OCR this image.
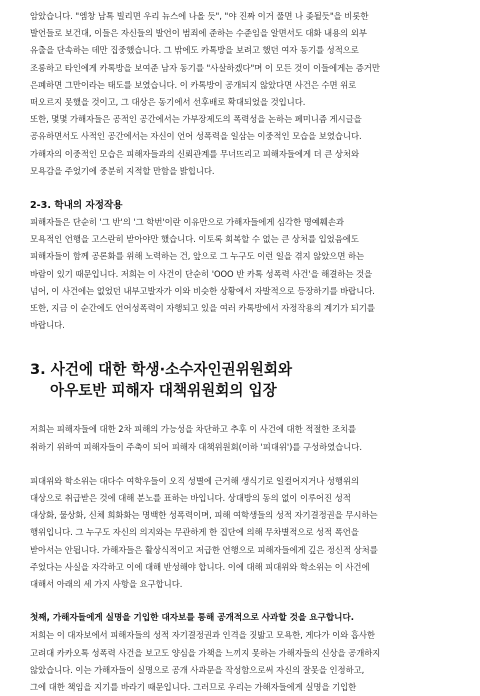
암았습니다. "엠창 남톡 빌리면 우리 뉴스에 나올 듯", "야 진짜 이거 풀면 나 좆될듯"을 비롯한

발언들로 보건대, 이들은 자신들의 발언이 범죄에 준하는 수준임을 알면서도 대화 내용의 외부

유출을 단속하는 데만 집중했습니다. 그 밖에도 카톡방을 보려고 했던 여자 동기를 성적으로

조롱하고 타인에게 카톡방을 보여준 남자 동기를 "사살하겠다"며 이 모든 것이 이들에게는 증거만

은폐하면 그만이라는 태도를 보였습니다. 이 카톡방이 공개되지 않았다면 사건은 수면 위로

떠오르지 못했을 것이고, 그 대상은 동기에서 선후배로 확대되었을 것입니다.

또한, 몇몇 가해자들은 공적인 공간에서는 가부장제도의 폭력성을 논하는 페미니즘 게시글을

공유하면서도 사적인 공간에서는 자신이 언어 성폭력을 일삼는 이중적인 모습을 보였습니다.

가해자의 이중적인 모습은 피해자들과의 신뢰관계를 무너뜨리고 피해자들에게 더 큰 상처와

모욕감을 주었기에 중분히 지적할 만함을 밝힙니다.

2-3. 학내의 자정작용

피해자들은 단순히 '그 반'의 '그 학번'이란 이유만으로 가해자들에게 심각한 명예훼손과

모욕적인 언행을 고스란히 받아야만 했습니다. 이토록 회복할 수 없는 큰 상처를 입었음에도

피해자들이 함께 공론화를 위해 노력하는 건, 앞으로 그 누구도 이런 일을 겪지 않았으면 하는

바람이 있기 때문입니다. 저희는 이 사건이 단순히 'OOO 반 카톡 성폭력 사건'을 해결하는 것을

넘어, 이 사건에는 없었던 내부고발자가 이와 비슷한 상황에서 자발적으로 등장하기를 바랍니다.

또한, 지금 이 순간에도 언어성폭력이 자행되고 있을 여러 카톡방에서 자정작용의 계기가 되기를

바랍니다.

3. 사건에 대한 학생·소수자인권위원회와
아우토반 피해자 대책위원회의 입장

저희는 피해자들에 대한 2차 피해의 가능성을 차단하고 추후 이 사건에 대한 적절한 조치를

취하기 위하여 피해자들이 주축이 되어 피해자 대책위원회(이하 '피대위')를 구성하였습니다.

피대위와 학소위는 대다수 여학우들이 오직 성별에 근거해 생식기로 일컬어지거나 성행위의

대상으로 취급받은 것에 대해 분노를 표하는 바입니다. 상대방의 동의 없이 이루어진 성적

대상화, 물상화, 신체 희화화는 명백한 성폭력이며, 피해 여학생들의 성적 자기결정권을 무시하는

행위입니다. 그 누구도 자신의 의지와는 무관하게 한 집단에 의해 무차별적으로 성적 폭언을

받아서는 안됩니다. 가해자들은 활상식적이고 저급한 언행으로 피해자들에게 깊은 정신적 상처를

주었다는 사실을 자각하고 이에 대해 반성해야 합니다. 이에 대해 피대위와 학소위는 이 사건에

대해서 아래의 세 가지 사항을 요구합니다.

첫째, 가해자들에게 실명을 기입한 대자보를 통해 공개적으로 사과할 것을 요구합니다.

저희는 이 대자보에서 피해자들의 성적 자기결정권과 인격을 짓밟고 모욕한, 게다가 이와 흡사한

고려대 카카오톡 성폭력 사건을 보고도 양심을 가책을 느끼지 못하는 가해자들의 신상을 공개하지

않았습니다. 이는 가해자들이 실명으로 공개 사과문을 작성함으로써 자신의 잘못을 인정하고,

그에 대한 책임을 지기를 바라기 때문입니다. 그러므로 우리는 가해자들에게 실명을 기입한
